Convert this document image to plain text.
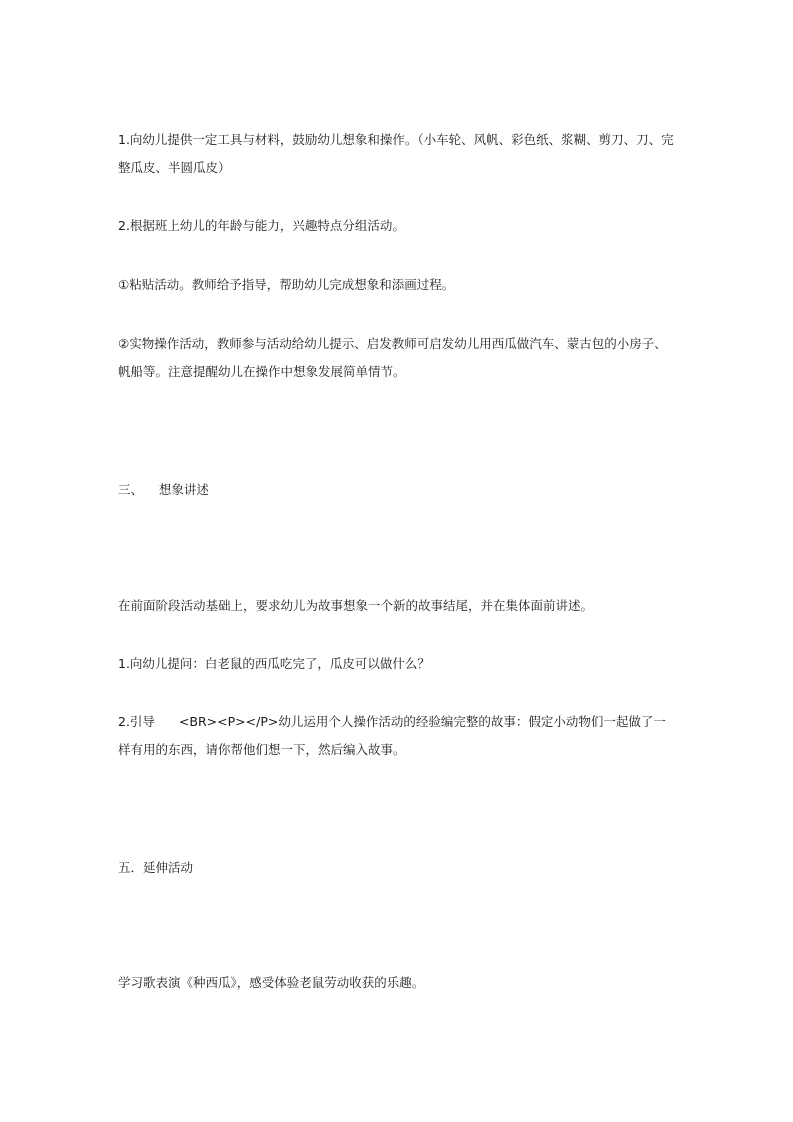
1.向幼儿提供一定工具与材料，鼓励幼儿想象和操作。（小车轮、风帆、彩色纸、浆糊、剪刀、刀、完整瓜皮、半圆瓜皮）

2.根据班上幼儿的年龄与能力，兴趣特点分组活动。

①粘贴活动。教师给予指导，帮助幼儿完成想象和添画过程。

②实物操作活动，教师参与活动给幼儿提示、启发教师可启发幼儿用西瓜做汽车、蒙古包的小房子、帆船等。注意提醒幼儿在操作中想象发展简单情节。

三、    想象讲述

在前面阶段活动基础上，要求幼儿为故事想象一个新的故事结尾，并在集体面前讲述。

1.向幼儿提问：白老鼠的西瓜吃完了，瓜皮可以做什么？

2.引导 <BR><P></P>幼儿运用个人操作活动的经验编完整的故事：假定小动物们一起做了一样有用的东西，请你帮他们想一下，然后编入故事。

五．延伸活动

学习歌表演《种西瓜》，感受体验老鼠劳动收获的乐趣。
